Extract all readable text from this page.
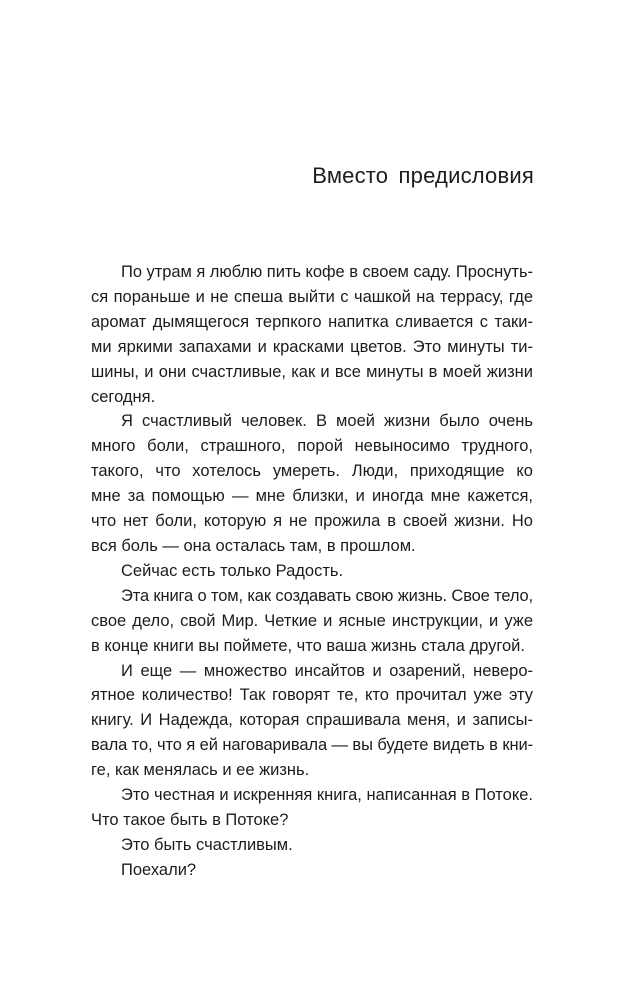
Вместо предисловия

По утрам я люблю пить кофе в своем саду. Проснуть-
ся пораньше и не спеша выйти с чашкой на террасу, где
аромат дымящегося терпкого напитка сливается с таки-
ми яркими запахами и красками цветов. Это минуты ти-
шины, и они счастливые, как и все минуты в моей жизни
сегодня.

Я счастливый человек. В моей жизни было очень
много боли, страшного, порой невыносимо трудного,
такого, что хотелось умереть. Люди, приходящие ко
мне за помощью — мне близки, и иногда мне кажется,
что нет боли, которую я не прожила в своей жизни. Но
вся боль — она осталась там, в прошлом.

Сейчас есть только Радость.

Эта книга о том, как создавать свою жизнь. Свое тело,
свое дело, свой Мир. Четкие и ясные инструкции, и уже
в конце книги вы поймете, что ваша жизнь стала другой.

И еще — множество инсайтов и озарений, неверо-
ятное количество! Так говорят те, кто прочитал уже эту
книгу. И Надежда, которая спрашивала меня, и записы-
вала то, что я ей наговаривала — вы будете видеть в кни-
ге, как менялась и ее жизнь.

Это честная и искренняя книга, написанная в Потоке.
Что такое быть в Потоке?

Это быть счастливым.

Поехали?
